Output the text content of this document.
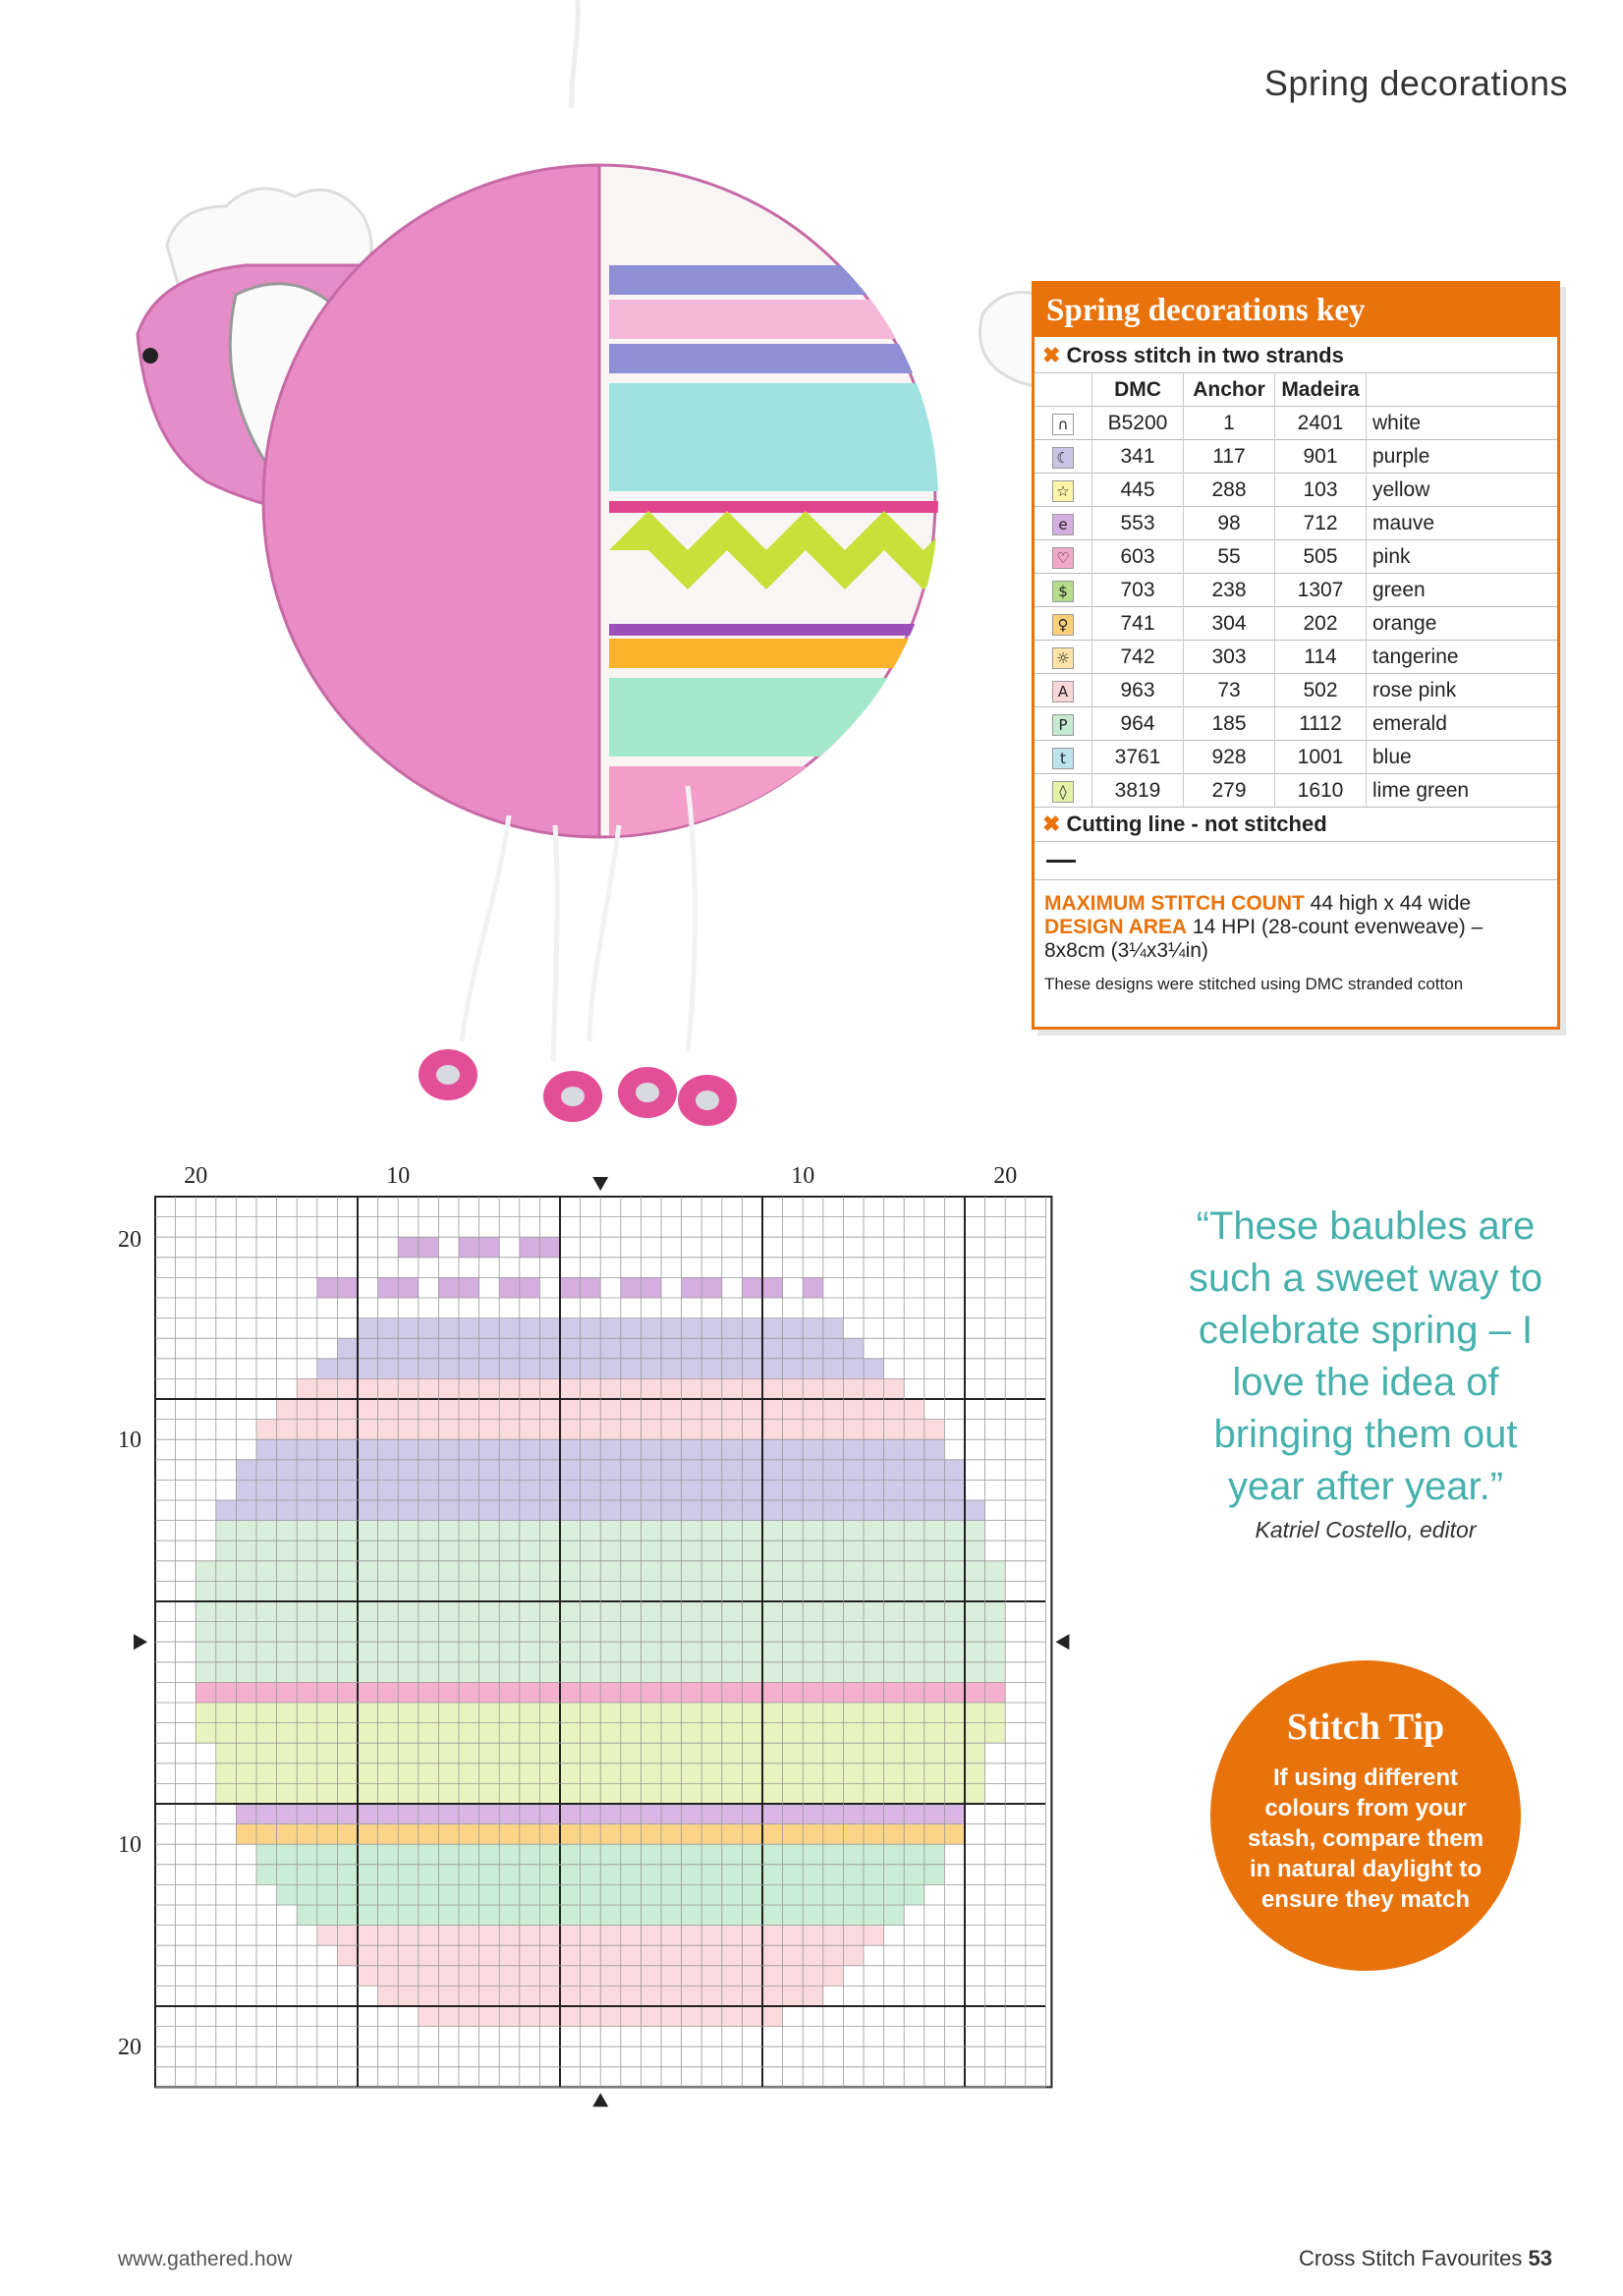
Spring decorations
Spring decorations key
✖ Cross stitch in two strands
	DMC	Anchor	Madeira	
∩	B5200	1	2401	white
☾	341	117	901	purple
☆	445	288	103	yellow
e	553	98	712	mauve
♡	603	55	505	pink
$	703	238	1307	green
♀	741	304	202	orange
☼	742	303	114	tangerine
A	963	73	502	rose pink
P	964	185	1112	emerald
t	3761	928	1001	blue
◊	3819	279	1610	lime green
✖ Cutting line - not stitched
MAXIMUM STITCH COUNT 44 high x 44 wide
DESIGN AREA 14 HPI (28-count evenweave) – 8x8cm (3¼x3¼in)
These designs were stitched using DMC stranded cotton
20	10	10	20
20
10
10
20
“These baubles are such a sweet way to celebrate spring – I love the idea of bringing them out year after year.”
Katriel Costello, editor
Stitch Tip
If using different colours from your stash, compare them in natural daylight to ensure they match
www.gathered.how	Cross Stitch Favourites 53
